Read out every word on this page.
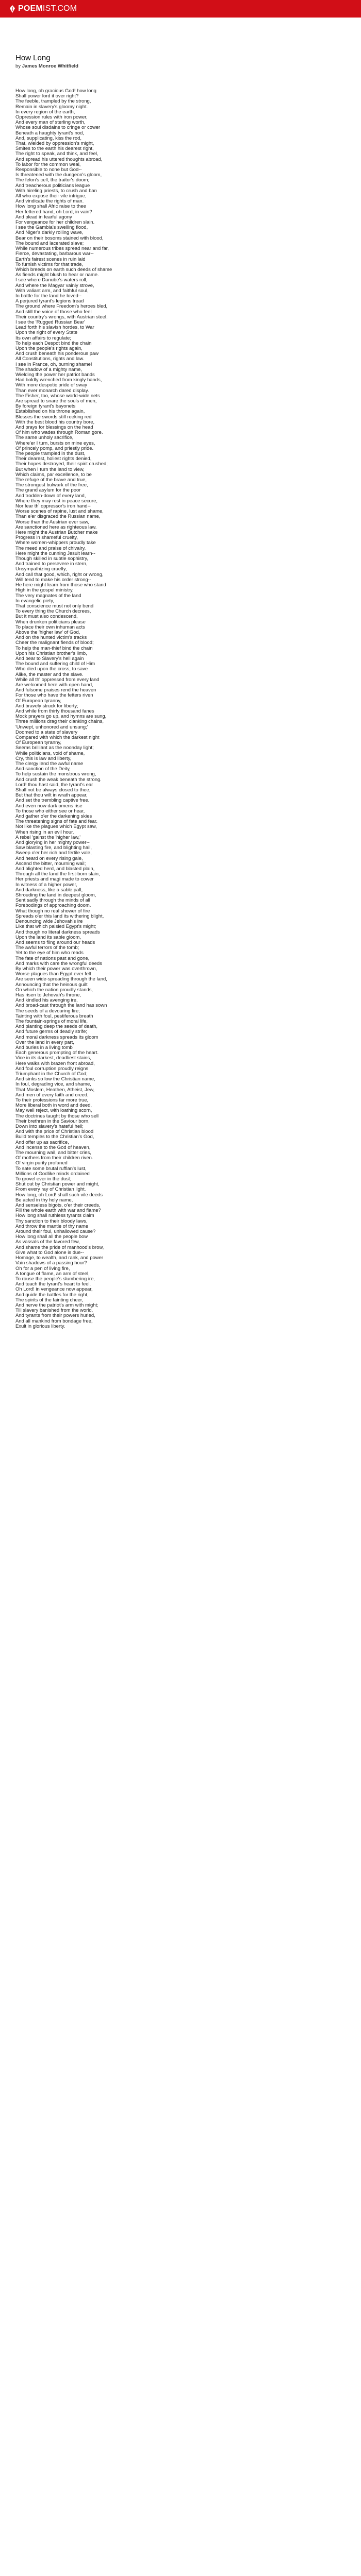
POEM IST.COM
How Long
by James Monroe Whitfield
How long, oh gracious God! how long
Shall power lord it over right?
The feeble, trampled by the strong,
Remain in slavery's gloomy night.
In every region of the earth,
Oppression rules with iron power,
And every man of sterling worth,
Whose soul disdains to cringe or cower
Beneath a haughty tyrant's nod,
And, supplicating, kiss the rod,
That, wielded by oppression's might,
Smites to the earth his dearest right,
The right to speak, and think, and feel,
And spread his uttered thoughts abroad,
To labor for the common weal,
Responsible to none but God--
Is threatened with the dungeon's gloom,
The felon's cell, the traitor's doom;
And treacherous politicians league
With hireling priests, to crush and ban
All who expose their vile intrigue,
And vindicate the rights of man.
How long shall Afric raise to thee
Her fettered hand, oh Lord, in vain?
And plead in fearful agony
For vengeance for her children slain.
I see the Gambia's swelling flood,
And Niger's darkly rolling wave,
Bear on their bosoms stained with blood,
The bound and lacerated slave;
While numerous tribes spread near and far,
Fierce, devastating, barbarous war--
Earth's fairest scenes in ruin laid
To furnish victims for that trade,
Which breeds on earth such deeds of shame
As fiends might blush to hear or name.
I see where Danube's waters roll,
And where the Magyar vainly strove,
With valiant arm, and faithful soul,
In battle for the land he loved--
A perjured tyrant's legions tread
The ground where Freedom's heroes bled,
And still the voice of those who feel
Their country's wrongs, with Austrian steel.
I see the 'Rugged Russian Bear'
Lead forth his slavish hordes, to War
Upon the right of every State
Its own affairs to regulate;
To help each Despot bind the chain
Upon the people's rights again,
And crush beneath his ponderous paw
All Constitutions, rights and law.
I see in France, oh, burning shame!
The shadow of a mighty name,
Wielding the power her patriot bands
Had boldly wrenched from kingly hands,
With more despotic pride of sway
Than ever monarch dared display.
The Fisher, too, whose world-wide nets
Are spread to snare the souls of men,
By foreign tyrant's bayonets
Established on his throne again,
Blesses the swords still reeking red
With the best blood his country bore,
And prays for blessings on the head
Of him who wades through Roman gore.
The same unholy sacrifice,
Where'er I turn, bursts on mine eyes,
Of princely pomp, and priestly pride.
The people trampled in the dust,
Their dearest, holiest rights denied,
Their hopes destroyed, their spirit crushed;
But when I turn the land to view,
Which claims, par excellence, to be
The refuge of the brave and true,
The strongest bulwark of the free,
The grand asylum for the poor
And trodden-down of every land,
Where they may rest in peace secure,
Nor fear th' oppressor's iron hand--
Worse scenes of rapine, lust and shame,
Than e'er disgraced the Russian name,
Worse than the Austrian ever saw,
Are sanctioned here as righteous law.
Here might the Austrian Butcher make
Progress in shameful cruelty,
Where women-whippers proudly take
The meed and praise of chivalry.
Here might the cunning Jesuit learn--
Though skilled in subtle sophistry,
And trained to persevere in stern,
Unsympathizing cruelty,
And call that good, which, right or wrong,
Will tend to make his order strong--
He here might learn from those who stand
High in the gospel ministry,
The very magnates of the land
In evangelic piety,
That conscience must not only bend
To every thing the Church decrees,
But it must also condescend,
When drunken politicians please
To place their own inhuman acts
Above the 'higher law' of God,
And on the hunted victim's tracks
Cheer the malignant fiends of blood;
To help the man-thief bind the chain
Upon his Christian brother's limb,
And bear to Slavery's hell again
The bound and suffering child of Him
Who died upon the cross, to save
Alike, the master and the slave.
While all th' oppressed from every land
Are welcomed here with open hand,
And fulsome praises rend the heaven
For those who have the fetters riven
Of European tyranny,
And bravely struck for liberty;
And while from thirty thousand fanes
Mock prayers go up, and hymns are sung,
Three millions drag their clanking chains,
'Unwept, unhonored and unsung;'
Doomed to a state of slavery
Compared with which the darkest night
Of European tyranny,
Seems brilliant as the noonday light;
While politicians, void of shame,
Cry, this is law and liberty,
The clergy lend the awful name
And sanction of the Deity,
To help sustain the monstrous wrong,
And crush the weak beneath the strong.
Lord! thou hast said, the tyrant's ear
Shall not be always closed to thee,
But that thou wilt in wrath appear,
And set the trembling captive free.
And even now dark omens rise
To those who either see or hear,
And gather o'er the darkening skies
The threatening signs of fate and fear.
Not like the plagues which Egypt saw,
When rising in an evil hour,
A rebel 'gainst the 'higher law,'
And glorying in her mighty power--
Saw blasting fire, and blighting hail,
Sweep o'er her rich and fertile vale,
And heard on every rising gale,
Ascend the bitter, mourning wail;
And blighted herd, and blasted plain,
Through all the land the first-born slain,
Her priests and magi made to cower
In witness of a higher power,
And darkness, like a sable pall,
Shrouding the land in deepest gloom,
Sent sadly through the minds of all
Forebodings of approaching doom.
What though no real shower of fire
Spreads o'er this land its withering blight,
Denouncing wide Jehovah's ire
Like that which palsied Egypt's might;
And though no literal darkness spreads
Upon the land its sable gloom,
And seems to fling around our heads
The awful terrors of the tomb;
Yet to the eye of him who reads
The fate of nations past and gone,
And marks with care the wrongful deeds
By which their power was overthrown,
Worse plagues than Egypt ever felt
Are seen wide-spreading through the land,
Announcing that the heinous guilt
On which the nation proudly stands,
Has risen to Jehovah's throne,
And kindled his avenging ire,
And broad-cast through the land has sown
The seeds of a devouring fire;
Tainting with foul, pestiferous breath
The fountain-springs of moral life,
And planting deep the seeds of death,
And future germs of deadly strife;
And moral darkness spreads its gloom
Over the land in every part,
And buries in a living tomb
Each generous prompting of the heart.
Vice in its darkest, deadliest stains,
Here walks with brazen front abroad,
And foul corruption proudly reigns
Triumphant in the Church of God;
And sinks so low the Christian name,
In foul, degrading vice, and shame,
That Moslem, Heathen, Atheist, Jew,
And men of every faith and creed,
To their professions far more true,
More liberal both in word and deed,
May well reject, with loathing scorn,
The doctrines taught by those who sell
Their brethren in the Saviour born,
Down into slavery's hateful hell;
And with the price of Christian blood
Build temples to the Christian's God,
And offer up as sacrifice,
And incense to the God of heaven,
The mourning wail, and bitter cries,
Of mothers from their children riven.
Of virgin purity profaned
To sate some brutal ruffian's lust,
Millions of Godlike minds ordained
To grovel ever in the dust;
Shut out by Christian power and might,
From every ray of Christian light.
How long, oh Lord! shall such vile deeds
Be acted in thy holy name,
And senseless bigots, o'er their creeds,
Fill the whole earth with war and flame?
How long shall ruthless tyrants claim
Thy sanction to their bloody laws,
And throw the mantle of thy name
Around their foul, unhallowed cause?
How long shall all the people bow
As vassals of the favored few,
And shame the pride of manhood's brow,
Give what to God alone is due--
Homage, to wealth, and rank, and power
Vain shadows of a passing hour?
Oh for a pen of living fire,
A tongue of flame, an arm of steel,
To rouse the people's slumbering ire,
And teach the tyrant's heart to feel.
Oh Lord! in vengeance now appear,
And guide the battles for the right,
The spirits of the fainting cheer,
And nerve the patriot's arm with might;
Till slavery banished from the world,
And tyrants from their powers hurled,
And all mankind from bondage free,
Exult in glorious liberty.
